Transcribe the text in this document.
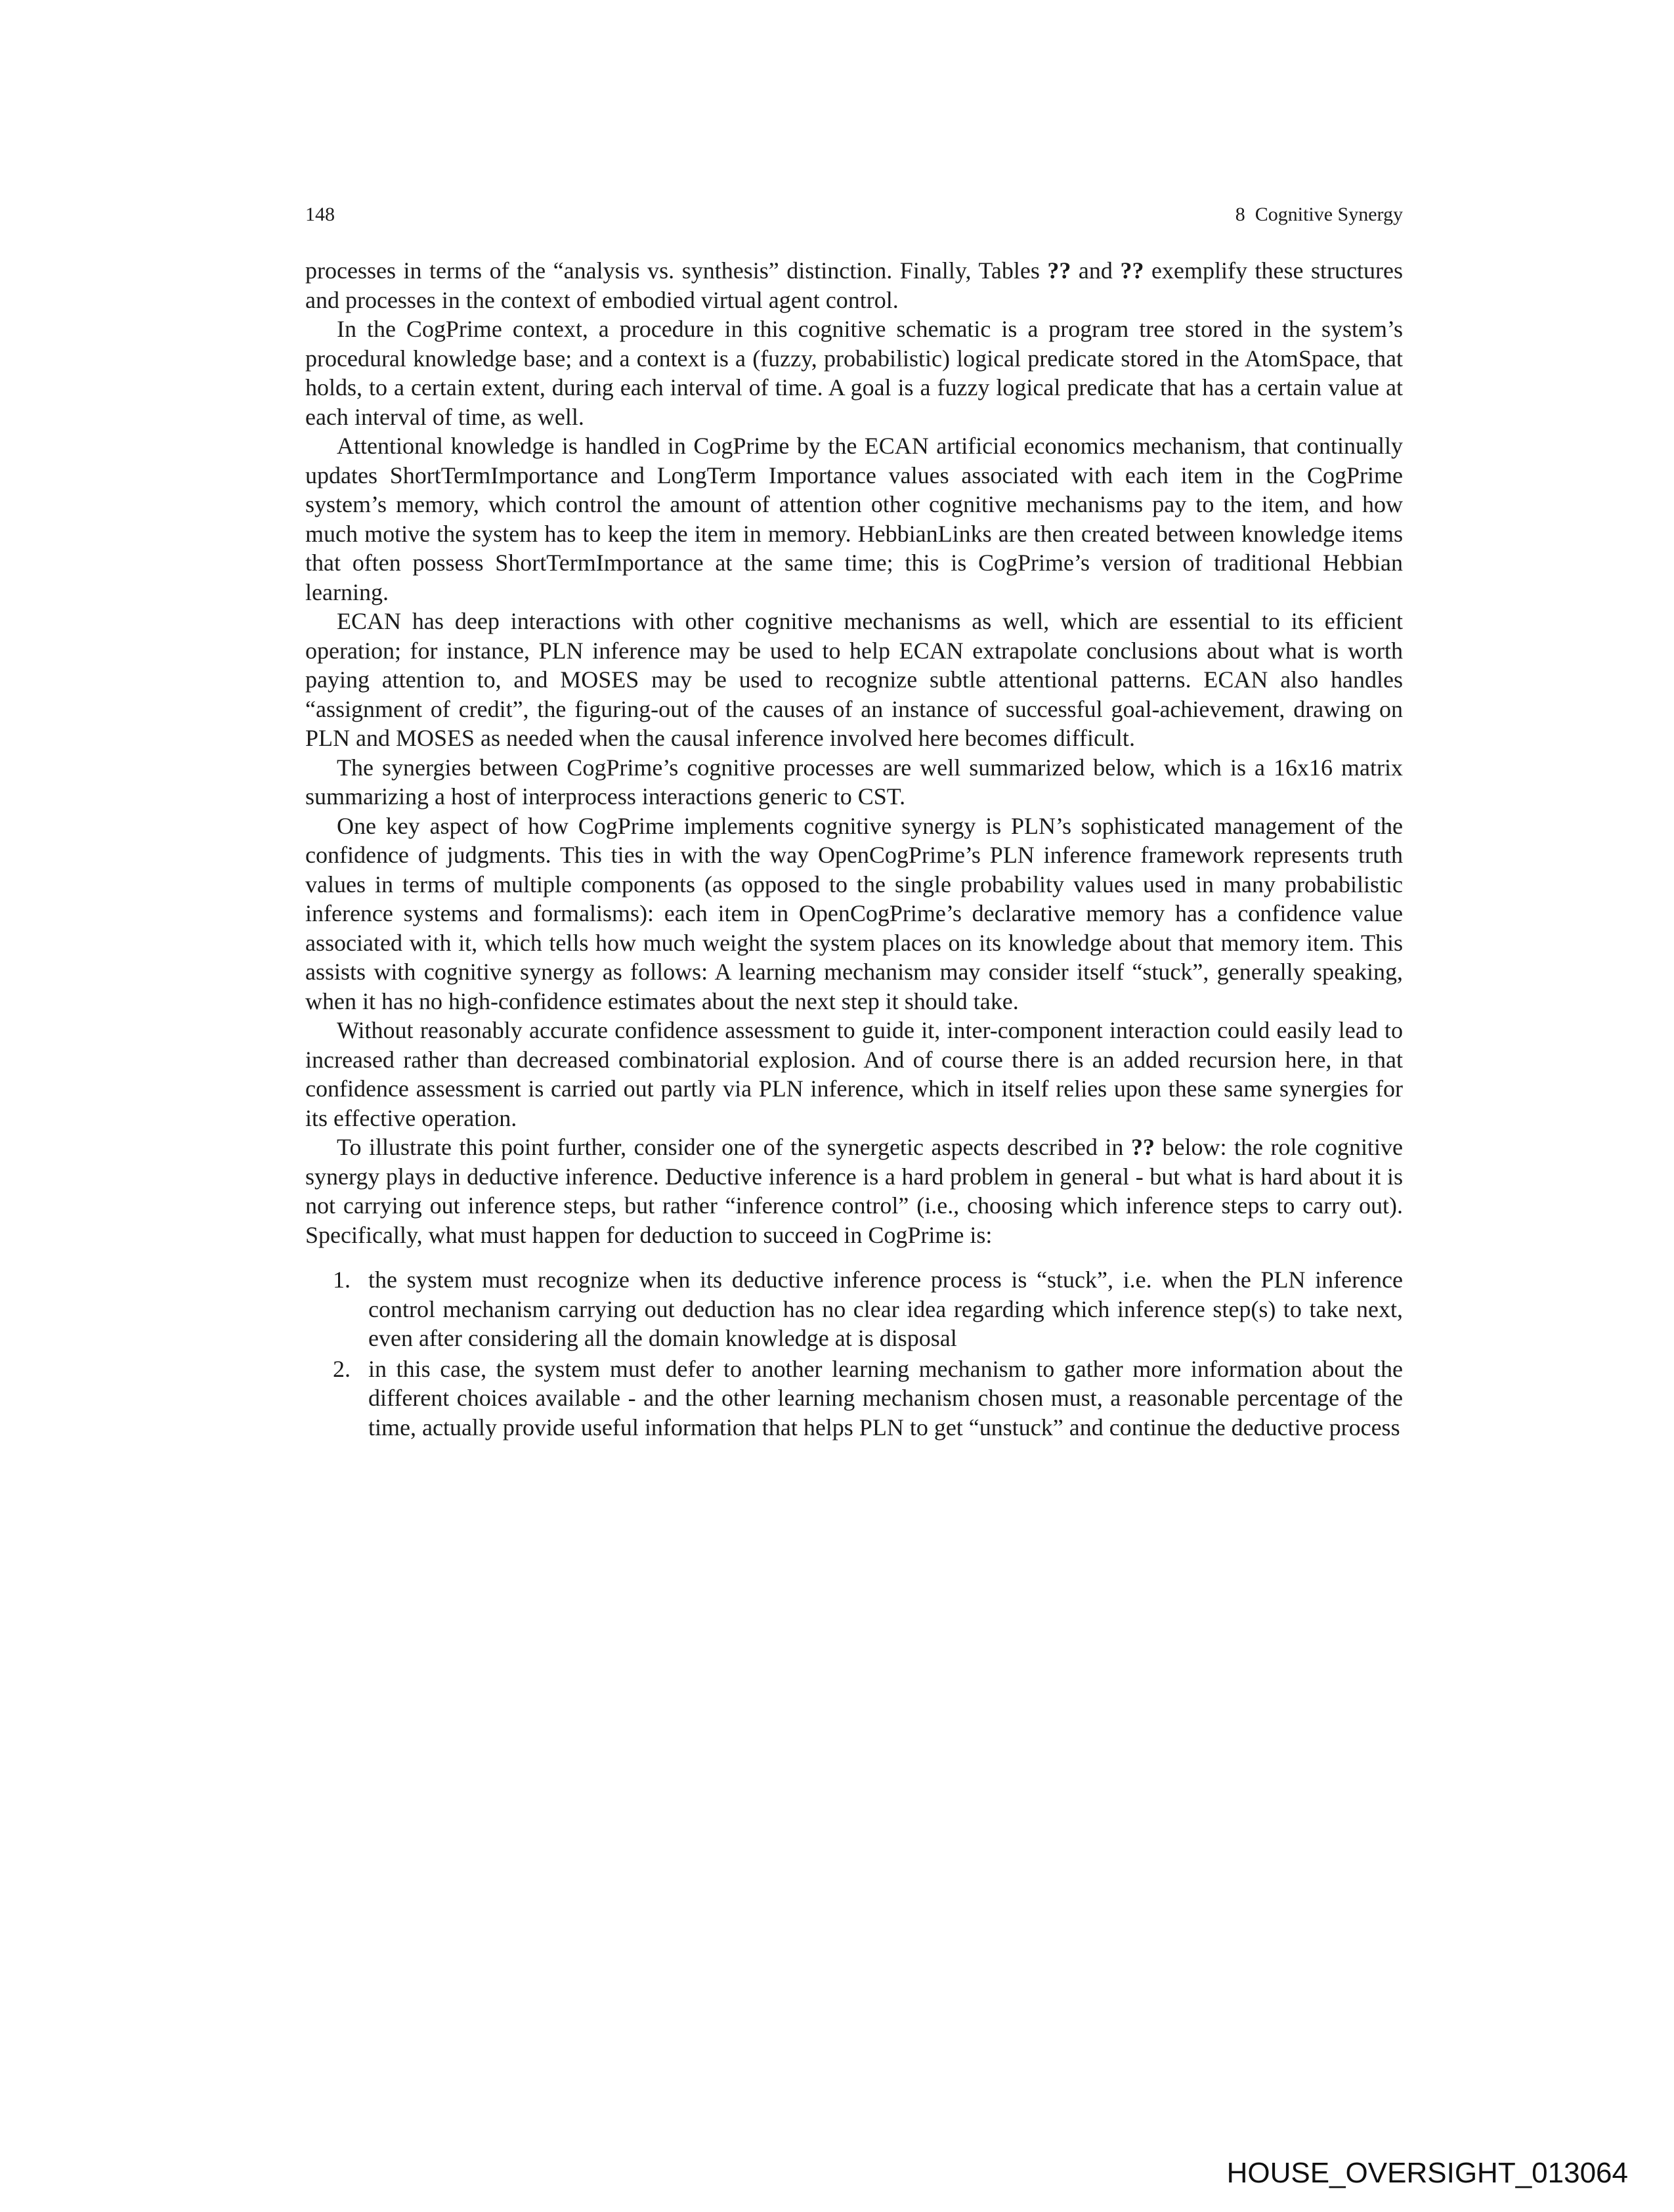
148	8 Cognitive Synergy

processes in terms of the “analysis vs. synthesis” distinction. Finally, Tables ?? and ?? exemplify these structures and processes in the context of embodied virtual agent control.

In the CogPrime context, a procedure in this cognitive schematic is a program tree stored in the system’s procedural knowledge base; and a context is a (fuzzy, probabilistic) logical predicate stored in the AtomSpace, that holds, to a certain extent, during each interval of time. A goal is a fuzzy logical predicate that has a certain value at each interval of time, as well.

Attentional knowledge is handled in CogPrime by the ECAN artificial economics mechanism, that continually updates ShortTermImportance and LongTerm Importance values associated with each item in the CogPrime system’s memory, which control the amount of attention other cognitive mechanisms pay to the item, and how much motive the system has to keep the item in memory. HebbianLinks are then created between knowledge items that often possess ShortTermImportance at the same time; this is CogPrime’s version of traditional Hebbian learning.

ECAN has deep interactions with other cognitive mechanisms as well, which are essential to its efficient operation; for instance, PLN inference may be used to help ECAN extrapolate conclusions about what is worth paying attention to, and MOSES may be used to recognize subtle attentional patterns. ECAN also handles “assignment of credit”, the figuring-out of the causes of an instance of successful goal-achievement, drawing on PLN and MOSES as needed when the causal inference involved here becomes difficult.

The synergies between CogPrime’s cognitive processes are well summarized below, which is a 16x16 matrix summarizing a host of interprocess interactions generic to CST.

One key aspect of how CogPrime implements cognitive synergy is PLN’s sophisticated management of the confidence of judgments. This ties in with the way OpenCogPrime’s PLN inference framework represents truth values in terms of multiple components (as opposed to the single probability values used in many probabilistic inference systems and formalisms): each item in OpenCogPrime’s declarative memory has a confidence value associated with it, which tells how much weight the system places on its knowledge about that memory item. This assists with cognitive synergy as follows: A learning mechanism may consider itself “stuck”, generally speaking, when it has no high-confidence estimates about the next step it should take.

Without reasonably accurate confidence assessment to guide it, inter-component interaction could easily lead to increased rather than decreased combinatorial explosion. And of course there is an added recursion here, in that confidence assessment is carried out partly via PLN inference, which in itself relies upon these same synergies for its effective operation.

To illustrate this point further, consider one of the synergetic aspects described in ?? below: the role cognitive synergy plays in deductive inference. Deductive inference is a hard problem in general - but what is hard about it is not carrying out inference steps, but rather “inference control” (i.e., choosing which inference steps to carry out). Specifically, what must happen for deduction to succeed in CogPrime is:

1. the system must recognize when its deductive inference process is “stuck”, i.e. when the PLN inference control mechanism carrying out deduction has no clear idea regarding which inference step(s) to take next, even after considering all the domain knowledge at is disposal
2. in this case, the system must defer to another learning mechanism to gather more information about the different choices available - and the other learning mechanism chosen must, a reasonable percentage of the time, actually provide useful information that helps PLN to get “unstuck” and continue the deductive process
HOUSE_OVERSIGHT_013064
